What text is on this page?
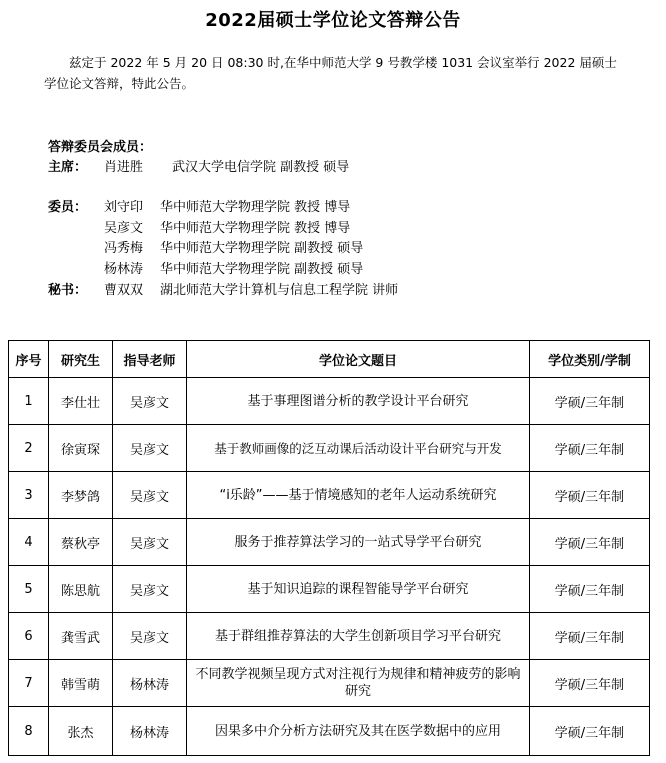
2022届硕士学位论文答辩公告
兹定于 2022 年 5 月 20 日 08:30 时,在华中师范大学 9 号教学楼 1031 会议室举行 2022 届硕士学位论文答辩，特此公告。
答辩委员会成员：
主席： 肖进胜 武汉大学电信学院 副教授 硕导
委员： 刘守印 华中师范大学物理学院 教授 博导
吴彦文 华中师范大学物理学院 教授 博导
冯秀梅 华中师范大学物理学院 副教授 硕导
杨林涛 华中师范大学物理学院 副教授 硕导
秘书： 曹双双 湖北师范大学计算机与信息工程学院 讲师
序号	研究生	指导老师	学位论文题目	学位类别/学制
1	李仕壮	吴彦文	基于事理图谱分析的教学设计平台研究	学硕/三年制
2	徐寅琛	吴彦文	基于教师画像的泛互动课后活动设计平台研究与开发	学硕/三年制
3	李梦鸽	吴彦文	“i乐龄”——基于情境感知的老年人运动系统研究	学硕/三年制
4	蔡秋亭	吴彦文	服务于推荐算法学习的一站式导学平台研究	学硕/三年制
5	陈思航	吴彦文	基于知识追踪的课程智能导学平台研究	学硕/三年制
6	龚雪武	吴彦文	基于群组推荐算法的大学生创新项目学习平台研究	学硕/三年制
7	韩雪萌	杨林涛	不同教学视频呈现方式对注视行为规律和精神疲劳的影响研究	学硕/三年制
8	张杰	杨林涛	因果多中介分析方法研究及其在医学数据中的应用	学硕/三年制
